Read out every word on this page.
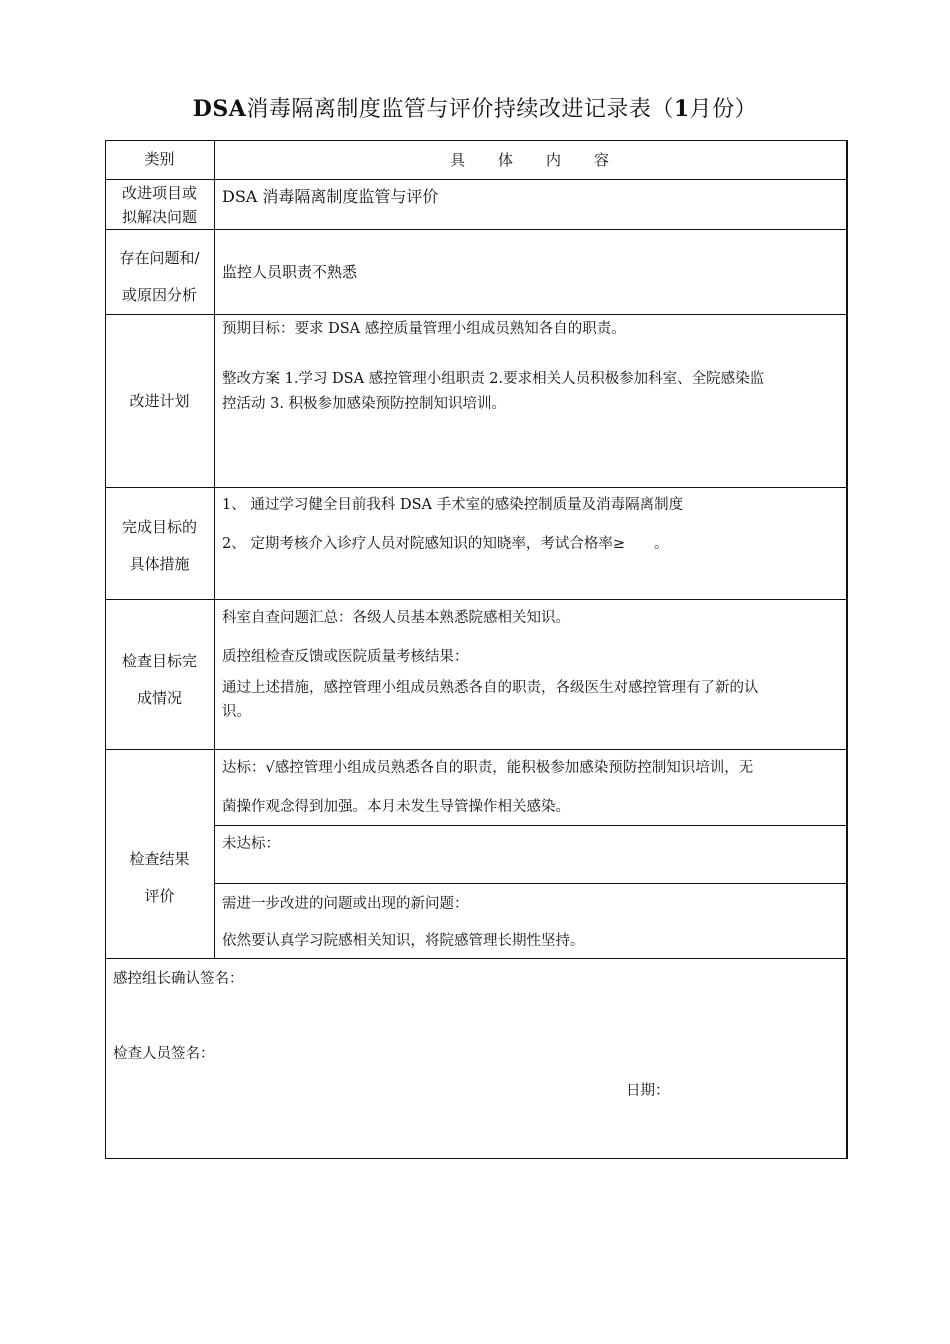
DSA消毒隔离制度监管与评价持续改进记录表（1月份）
类别	具　　体　　内　　容
改进项目或
拟解决问题
DSA 消毒隔离制度监管与评价
存在问题和/
或原因分析
监控人员职责不熟悉
改进计划
预期目标：要求 DSA 感控质量管理小组成员熟知各自的职责。
整改方案 1.学习 DSA 感控管理小组职责 2.要求相关人员积极参加科室、全院感染监
控活动 3. 积极参加感染预防控制知识培训。
完成目标的
具体措施
1、 通过学习健全目前我科 DSA 手术室的感染控制质量及消毒隔离制度
2、 定期考核介入诊疗人员对院感知识的知晓率，考试合格率≥　　。
检查目标完
成情况
科室自查问题汇总：各级人员基本熟悉院感相关知识。
质控组检查反馈或医院质量考核结果：
通过上述措施，感控管理小组成员熟悉各自的职责，各级医生对感控管理有了新的认
识。
检查结果
评价
达标：√感控管理小组成员熟悉各自的职责，能积极参加感染预防控制知识培训，无
菌操作观念得到加强。本月未发生导管操作相关感染。
未达标：
需进一步改进的问题或出现的新问题：
依然要认真学习院感相关知识，将院感管理长期性坚持。
感控组长确认签名：
检查人员签名：
日期：
